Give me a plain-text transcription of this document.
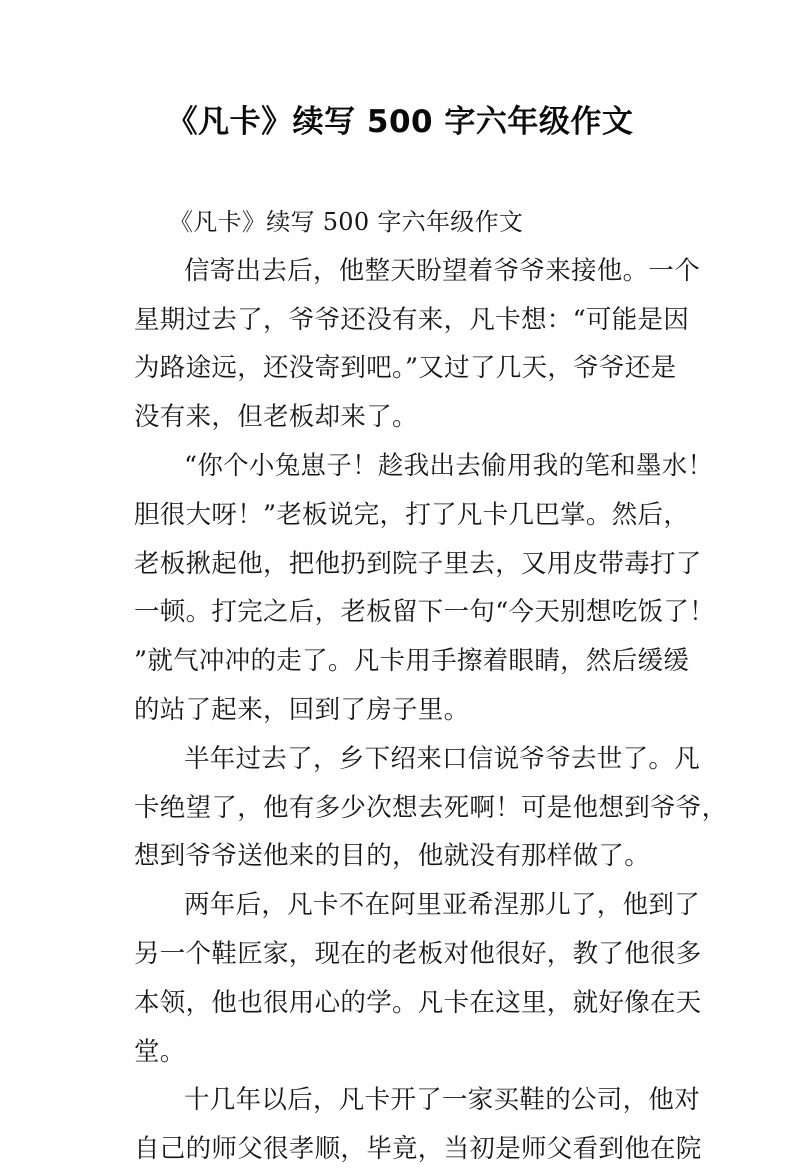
《凡卡》续写 500 字六年级作文
《凡卡》续写 500 字六年级作文
信寄出去后，他整天盼望着爷爷来接他。一个
星期过去了，爷爷还没有来，凡卡想：“可能是因
为路途远，还没寄到吧。”又过了几天，爷爷还是
没有来，但老板却来了。
“你个小兔崽子！趁我出去偷用我的笔和墨水！
胆很大呀！”老板说完，打了凡卡几巴掌。然后，
老板揪起他，把他扔到院子里去，又用皮带毒打了
一顿。打完之后，老板留下一句“今天别想吃饭了！
”就气冲冲的走了。凡卡用手擦着眼睛，然后缓缓
的站了起来，回到了房子里。
半年过去了，乡下绍来口信说爷爷去世了。凡
卡绝望了，他有多少次想去死啊！可是他想到爷爷，
想到爷爷送他来的目的，他就没有那样做了。
两年后，凡卡不在阿里亚希涅那儿了，他到了
另一个鞋匠家，现在的老板对他很好，教了他很多
本领，他也很用心的学。凡卡在这里，就好像在天
堂。
十几年以后，凡卡开了一家买鞋的公司，他对
自己的师父很孝顺，毕竟，当初是师父看到他在院
